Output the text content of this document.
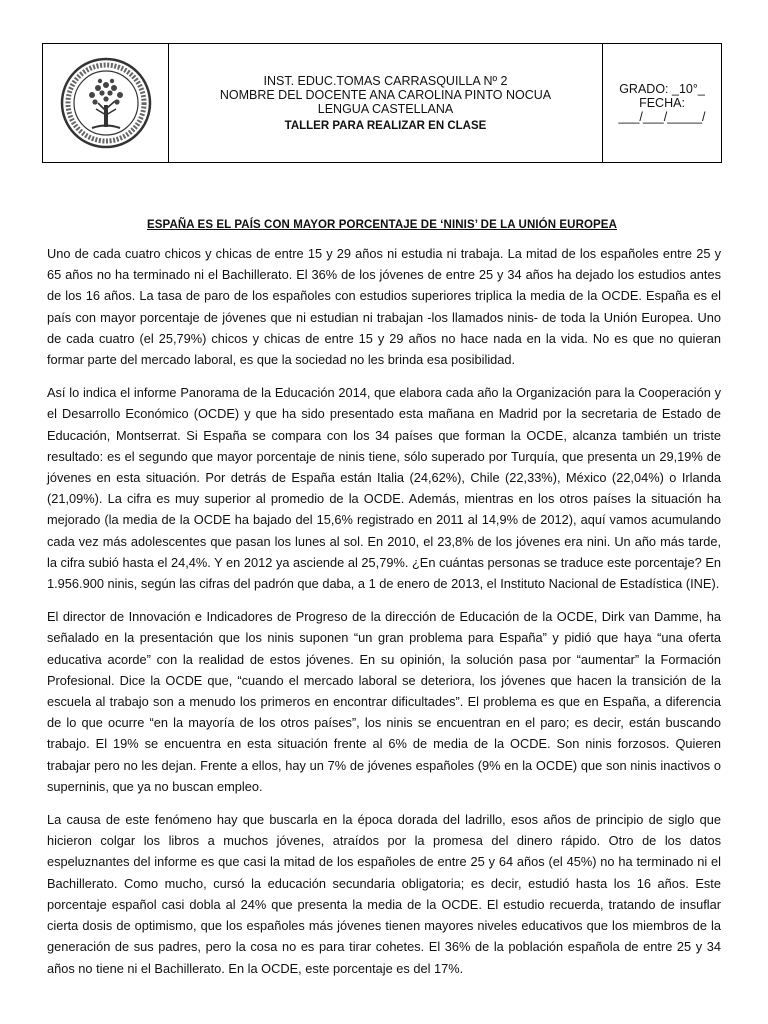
INST. EDUC.TOMAS CARRASQUILLA Nº 2
NOMBRE DEL DOCENTE ANA CAROLINA PINTO NOCUA
LENGUA CASTELLANA
TALLER PARA REALIZAR EN CLASE
GRADO: _10°_
FECHA:
___/___/_____/
ESPAÑA ES EL PAÍS CON MAYOR PORCENTAJE DE ‘NINIS’ DE LA UNIÓN EUROPEA

Uno de cada cuatro chicos y chicas de entre 15 y 29 años ni estudia ni trabaja. La mitad de los españoles entre 25 y 65 años no ha terminado ni el Bachillerato. El 36% de los jóvenes de entre 25 y 34 años ha dejado los estudios antes de los 16 años. La tasa de paro de los españoles con estudios superiores triplica la media de la OCDE. España es el país con mayor porcentaje de jóvenes que ni estudian ni trabajan -los llamados ninis- de toda la Unión Europea. Uno de cada cuatro (el 25,79%) chicos y chicas de entre 15 y 29 años no hace nada en la vida. No es que no quieran formar parte del mercado laboral, es que la sociedad no les brinda esa posibilidad.

Así lo indica el informe Panorama de la Educación 2014, que elabora cada año la Organización para la Cooperación y el Desarrollo Económico (OCDE) y que ha sido presentado esta mañana en Madrid por la secretaria de Estado de Educación, Montserrat. Si España se compara con los 34 países que forman la OCDE, alcanza también un triste resultado: es el segundo que mayor porcentaje de ninis tiene, sólo superado por Turquía, que presenta un 29,19% de jóvenes en esta situación. Por detrás de España están Italia (24,62%), Chile (22,33%), México (22,04%) o Irlanda (21,09%). La cifra es muy superior al promedio de la OCDE. Además, mientras en los otros países la situación ha mejorado (la media de la OCDE ha bajado del 15,6% registrado en 2011 al 14,9% de 2012), aquí vamos acumulando cada vez más adolescentes que pasan los lunes al sol. En 2010, el 23,8% de los jóvenes era nini. Un año más tarde, la cifra subió hasta el 24,4%. Y en 2012 ya asciende al 25,79%. ¿En cuántas personas se traduce este porcentaje? En 1.956.900 ninis, según las cifras del padrón que daba, a 1 de enero de 2013, el Instituto Nacional de Estadística (INE).

El director de Innovación e Indicadores de Progreso de la dirección de Educación de la OCDE, Dirk van Damme, ha señalado en la presentación que los ninis suponen “un gran problema para España” y pidió que haya “una oferta educativa acorde” con la realidad de estos jóvenes. En su opinión, la solución pasa por “aumentar” la Formación Profesional. Dice la OCDE que, “cuando el mercado laboral se deteriora, los jóvenes que hacen la transición de la escuela al trabajo son a menudo los primeros en encontrar dificultades”. El problema es que en España, a diferencia de lo que ocurre “en la mayoría de los otros países”, los ninis se encuentran en el paro; es decir, están buscando trabajo. El 19% se encuentra en esta situación frente al 6% de media de la OCDE. Son ninis forzosos. Quieren trabajar pero no les dejan. Frente a ellos, hay un 7% de jóvenes españoles (9% en la OCDE) que son ninis inactivos o superninis, que ya no buscan empleo.

La causa de este fenómeno hay que buscarla en la época dorada del ladrillo, esos años de principio de siglo que hicieron colgar los libros a muchos jóvenes, atraídos por la promesa del dinero rápido. Otro de los datos espeluznantes del informe es que casi la mitad de los españoles de entre 25 y 64 años (el 45%) no ha terminado ni el Bachillerato. Como mucho, cursó la educación secundaria obligatoria; es decir, estudió hasta los 16 años. Este porcentaje español casi dobla al 24% que presenta la media de la OCDE. El estudio recuerda, tratando de insuflar cierta dosis de optimismo, que los españoles más jóvenes tienen mayores niveles educativos que los miembros de la generación de sus padres, pero la cosa no es para tirar cohetes. El 36% de la población española de entre 25 y 34 años no tiene ni el Bachillerato. En la OCDE, este porcentaje es del 17%.
